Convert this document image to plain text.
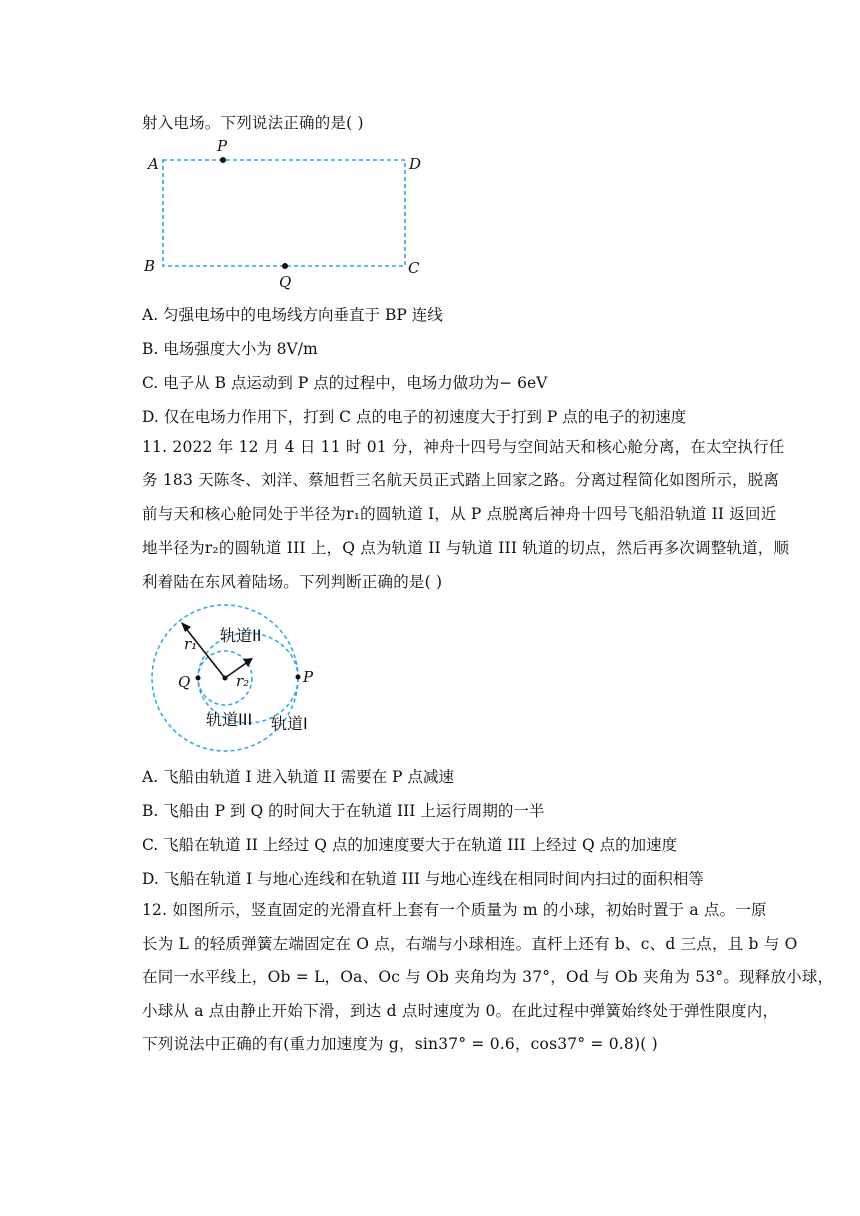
射入电场。下列说法正确的是( )
A
P
D
B	C
Q
A. 匀强电场中的电场线方向垂直于 BP 连线
B. 电场强度大小为 8V/m
C. 电子从 B 点运动到 P 点的过程中，电场力做功为− 6eV
D. 仅在电场力作用下，打到 C 点的电子的初速度大于打到 P 点的电子的初速度
11. 2022 年 12 月 4 日 11 时 01 分，神舟十四号与空间站天和核心舱分离，在太空执行任
务 183 天陈冬、刘洋、蔡旭哲三名航天员正式踏上回家之路。分离过程简化如图所示，脱离
前与天和核心舱同处于半径为r₁的圆轨道 I，从 P 点脱离后神舟十四号飞船沿轨道 II 返回近
地半径为r₂的圆轨道 III 上，Q 点为轨道 II 与轨道 III 轨道的切点，然后再多次调整轨道，顺
利着陆在东风着陆场。下列判断正确的是( )
r₁
r₂
Q	P
轨道II
轨道III 轨道I
A. 飞船由轨道 I 进入轨道 II 需要在 P 点减速
B. 飞船由 P 到 Q 的时间大于在轨道 III 上运行周期的一半
C. 飞船在轨道 II 上经过 Q 点的加速度要大于在轨道 III 上经过 Q 点的加速度
D. 飞船在轨道 I 与地心连线和在轨道 III 与地心连线在相同时间内扫过的面积相等
12. 如图所示，竖直固定的光滑直杆上套有一个质量为 m 的小球，初始时置于 a 点。一原
长为 L 的轻质弹簧左端固定在 O 点，右端与小球相连。直杆上还有 b、c、d 三点，且 b 与 O
在同一水平线上，Ob = L，Oa、Oc 与 Ob 夹角均为 37°，Od 与 Ob 夹角为 53°。现释放小球，
小球从 a 点由静止开始下滑，到达 d 点时速度为 0。在此过程中弹簧始终处于弹性限度内，
下列说法中正确的有(重力加速度为 g，sin37° = 0.6，cos37° = 0.8)( )
